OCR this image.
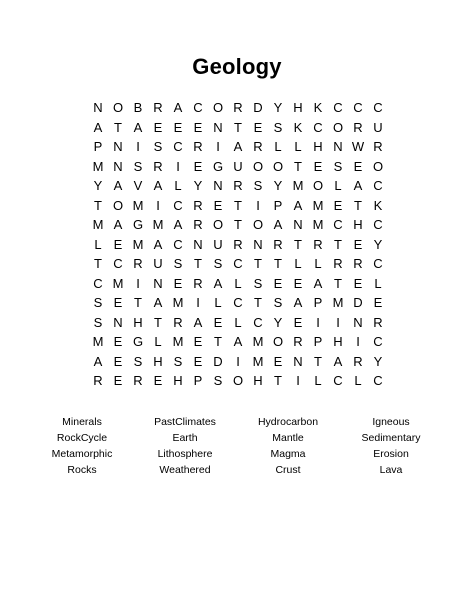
Geology
N O B R A C O R D Y H K C C C
A T A E E E N T E S K C O R U
P N	I	S C R	I	A R L L H N W R
M N S R	I	E G U O O T E S E O
Y A V A L Y N R S Y M O L A C
T O M I	C R E T	I	P A M E T K
M A G M A R O T O A N M C H C
L E M A C N U R N R T R T E Y
T C R U S T S C T T L L R R C
C M I	N E R A L S E E A T E L
S E T A M I	L C T S A P M D E
S N H T R A E L C Y E	I	I	N R
M E G L M E T A M O R P H	I	C
A E S H S E D	I M E N T A R Y
R E R E H P S O H T	I	L C L C
Minerals	PastClimates	Hydrocarbon	Igneous
RockCycle	Earth	Mantle	Sedimentary
Metamorphic	Lithosphere	Magma	Erosion
Rocks	Weathered	Crust	Lava
